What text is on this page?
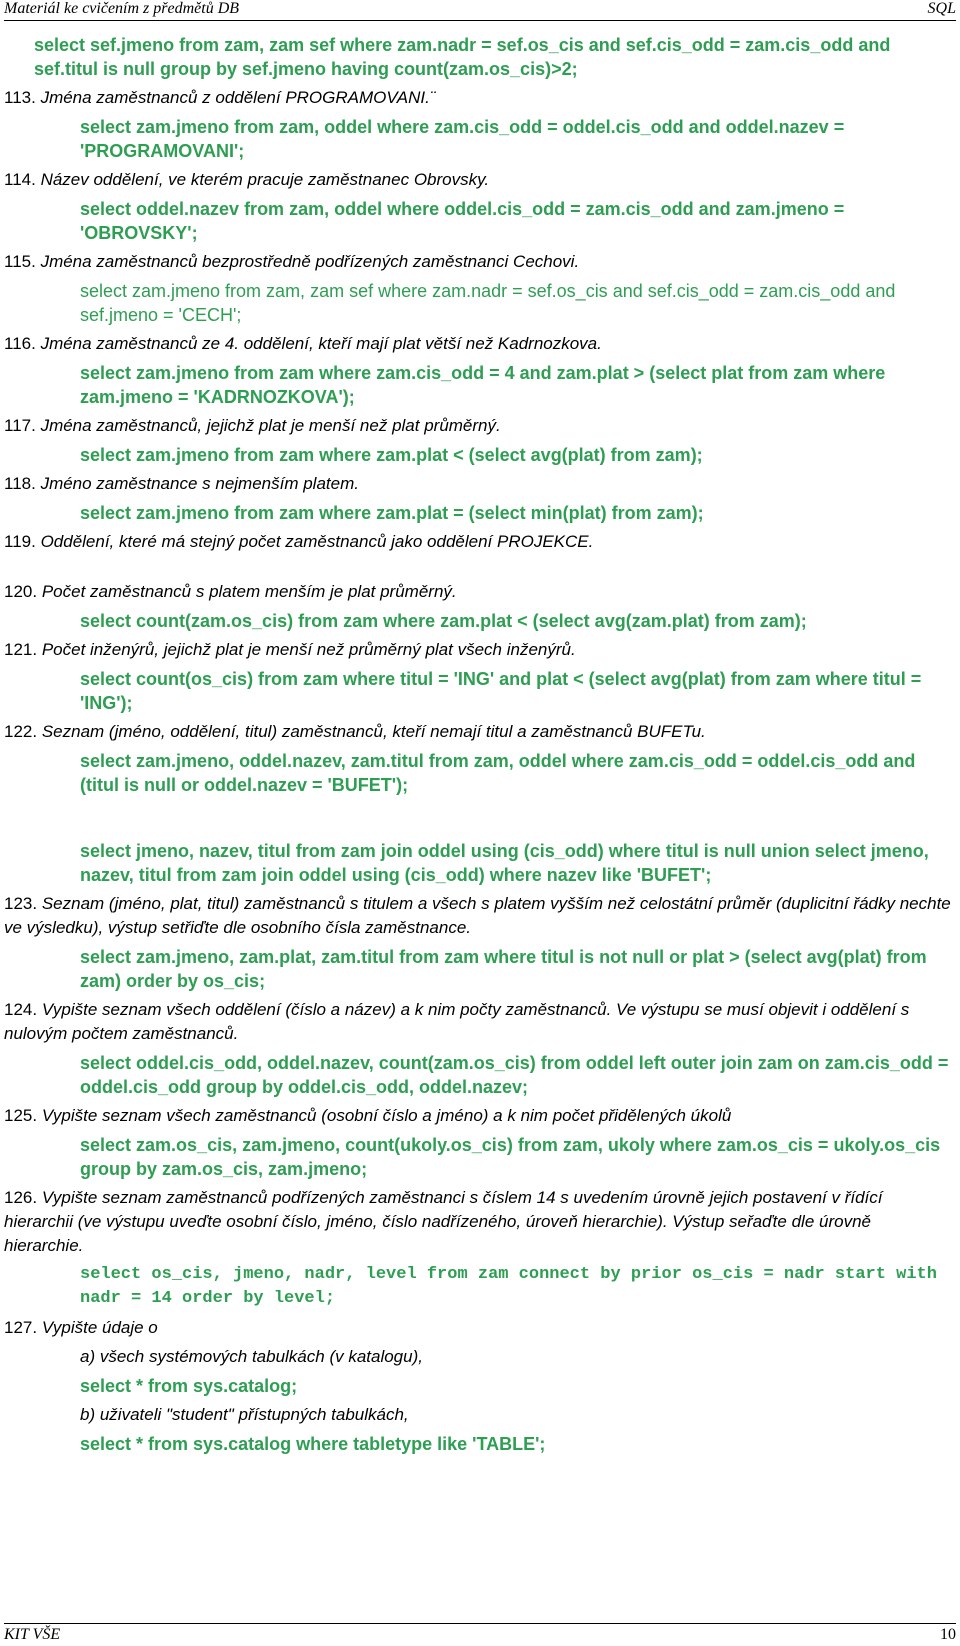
Materiál ke cvičením z předmětů DB	SQL

select sef.jmeno from zam, zam sef where zam.nadr = sef.os_cis and sef.cis_odd = zam.cis_odd and sef.titul is null group by sef.jmeno having count(zam.os_cis)>2;

113. Jména zaměstnanců z oddělení PROGRAMOVANI.¨

select zam.jmeno from zam, oddel where zam.cis_odd = oddel.cis_odd and oddel.nazev = 'PROGRAMOVANI';

114. Název oddělení, ve kterém pracuje zaměstnanec Obrovsky.

select oddel.nazev from zam, oddel where oddel.cis_odd = zam.cis_odd and zam.jmeno = 'OBROVSKY';

115. Jména zaměstnanců bezprostředně podřízených zaměstnanci Cechovi.

select zam.jmeno from zam, zam sef where zam.nadr = sef.os_cis and sef.cis_odd = zam.cis_odd and sef.jmeno = 'CECH';

116. Jména zaměstnanců ze 4. oddělení, kteří mají plat větší než Kadrnozkova.

select zam.jmeno from zam where zam.cis_odd = 4 and zam.plat > (select plat from zam where zam.jmeno = 'KADRNOZKOVA');

117. Jména zaměstnanců, jejichž plat je menší než plat průměrný.

select zam.jmeno from zam where zam.plat < (select avg(plat) from zam);

118. Jméno zaměstnance s nejmenším platem.

select zam.jmeno from zam where zam.plat = (select min(plat) from zam);

119. Oddělení, které má stejný počet zaměstnanců jako oddělení PROJEKCE.

120. Počet zaměstnanců s platem menším je plat průměrný.

select count(zam.os_cis) from zam where zam.plat < (select avg(zam.plat) from zam);

121. Počet inženýrů, jejichž plat je menší než průměrný plat všech inženýrů.

select count(os_cis) from zam where titul = 'ING' and plat < (select avg(plat) from zam where titul = 'ING');

122. Seznam (jméno, oddělení, titul) zaměstnanců, kteří nemají titul a zaměstnanců BUFETu.

select zam.jmeno, oddel.nazev, zam.titul from zam, oddel where zam.cis_odd = oddel.cis_odd and (titul is null or oddel.nazev = 'BUFET');

select jmeno, nazev, titul from zam join oddel using (cis_odd) where titul is null union select jmeno, nazev, titul from zam join oddel using (cis_odd) where nazev like 'BUFET';

123. Seznam (jméno, plat, titul) zaměstnanců s titulem a všech s platem vyšším než celostátní průměr (duplicitní řádky nechte ve výsledku), výstup setřiďte dle osobního čísla zaměstnance.

select zam.jmeno, zam.plat, zam.titul from zam where titul is not null or plat > (select avg(plat) from zam) order by os_cis;

124. Vypište seznam všech oddělení (číslo a název) a k nim počty zaměstnanců. Ve výstupu se musí objevit i oddělení s nulovým počtem zaměstnanců.

select oddel.cis_odd, oddel.nazev, count(zam.os_cis) from oddel left outer join zam on zam.cis_odd = oddel.cis_odd group by oddel.cis_odd, oddel.nazev;

125. Vypište seznam všech zaměstnanců (osobní číslo a jméno) a k nim počet přidělených úkolů

select zam.os_cis, zam.jmeno, count(ukoly.os_cis) from zam, ukoly where zam.os_cis = ukoly.os_cis group by zam.os_cis, zam.jmeno;

126. Vypište seznam zaměstnanců podřízených zaměstnanci s číslem 14 s uvedením úrovně jejich postavení v řídící hierarchii (ve výstupu uveďte osobní číslo, jméno, číslo nadřízeného, úroveň hierarchie). Výstup seřaďte dle úrovně hierarchie.

select os_cis, jmeno, nadr, level from zam connect by prior os_cis = nadr start with nadr = 14 order by level;

127. Vypište údaje o

a) všech systémových tabulkách (v katalogu),

select * from sys.catalog;

b) uživateli "student" přístupných tabulkách,

select * from sys.catalog where tabletype like 'TABLE';

KIT VŠE	10
